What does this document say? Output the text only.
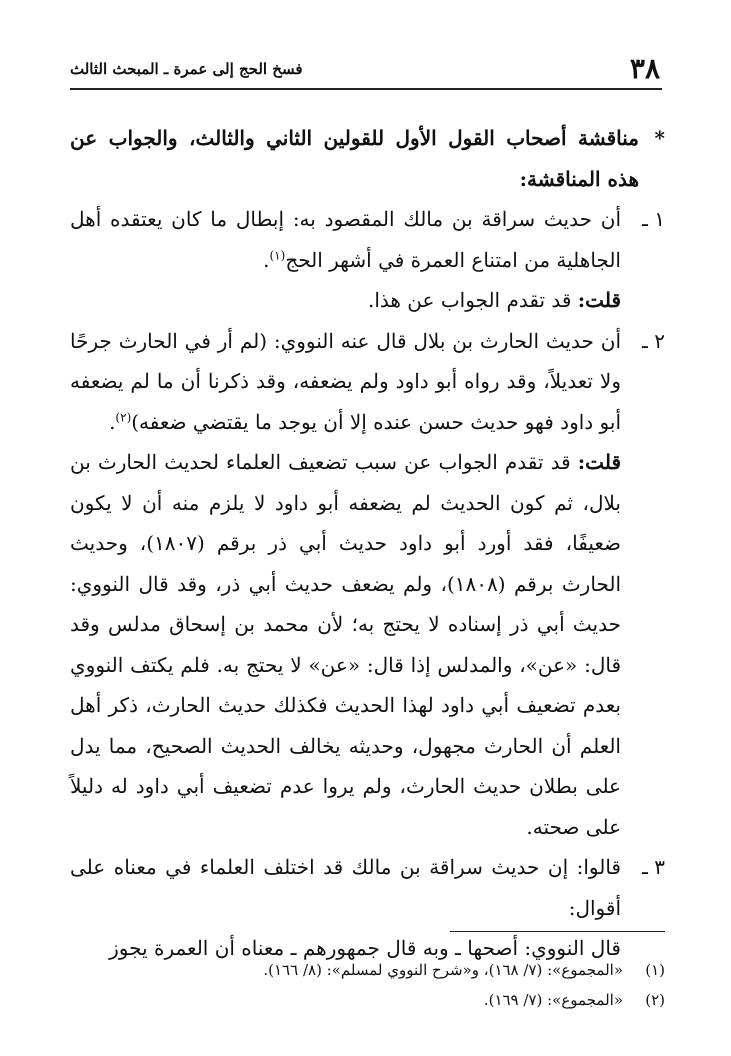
٣٨
فسخ الحج إلى عمرة ـ المبحث الثالث

*مناقشة أصحاب القول الأول للقولين الثاني والثالث، والجواب عن هذه المناقشة:

١ ـأن حديث سراقة بن مالك المقصود به: إبطال ما كان يعتقده أهل الجاهلية من امتناع العمرة في أشهر الحج$^{(١)}$.

قلت: قد تقدم الجواب عن هذا.

٢ ـأن حديث الحارث بن بلال قال عنه النووي: (لم أر في الحارث جرحًا ولا تعديلاً، وقد رواه أبو داود ولم يضعفه، وقد ذكرنا أن ما لم يضعفه أبو داود فهو حديث حسن عنده إلا أن يوجد ما يقتضي ضعفه)$^{(٢)}$.

قلت: قد تقدم الجواب عن سبب تضعيف العلماء لحديث الحارث بن بلال، ثم كون الحديث لم يضعفه أبو داود لا يلزم منه أن لا يكون ضعيفًا، فقد أورد أبو داود حديث أبي ذر برقم (١٨٠٧)، وحديث الحارث برقم (١٨٠٨)، ولم يضعف حديث أبي ذر، وقد قال النووي: حديث أبي ذر إسناده لا يحتج به؛ لأن محمد بن إسحاق مدلس وقد قال: «عن»، والمدلس إذا قال: «عن» لا يحتج به. فلم يكتف النووي بعدم تضعيف أبي داود لهذا الحديث فكذلك حديث الحارث، ذكر أهل العلم أن الحارث مجهول، وحديثه يخالف الحديث الصحيح، مما يدل على بطلان حديث الحارث، ولم يروا عدم تضعيف أبي داود له دليلاً على صحته.

٣ ـقالوا: إن حديث سراقة بن مالك قد اختلف العلماء في معناه على أقوال:

قال النووي: أصحها ـ وبه قال جمهورهم ـ معناه أن العمرة يجوز

(١)«المجموع»: (٧/ ١٦٨)، و«شرح النووي لمسلم»: (٨/ ١٦٦).
(٢)«المجموع»: (٧/ ١٦٩).
